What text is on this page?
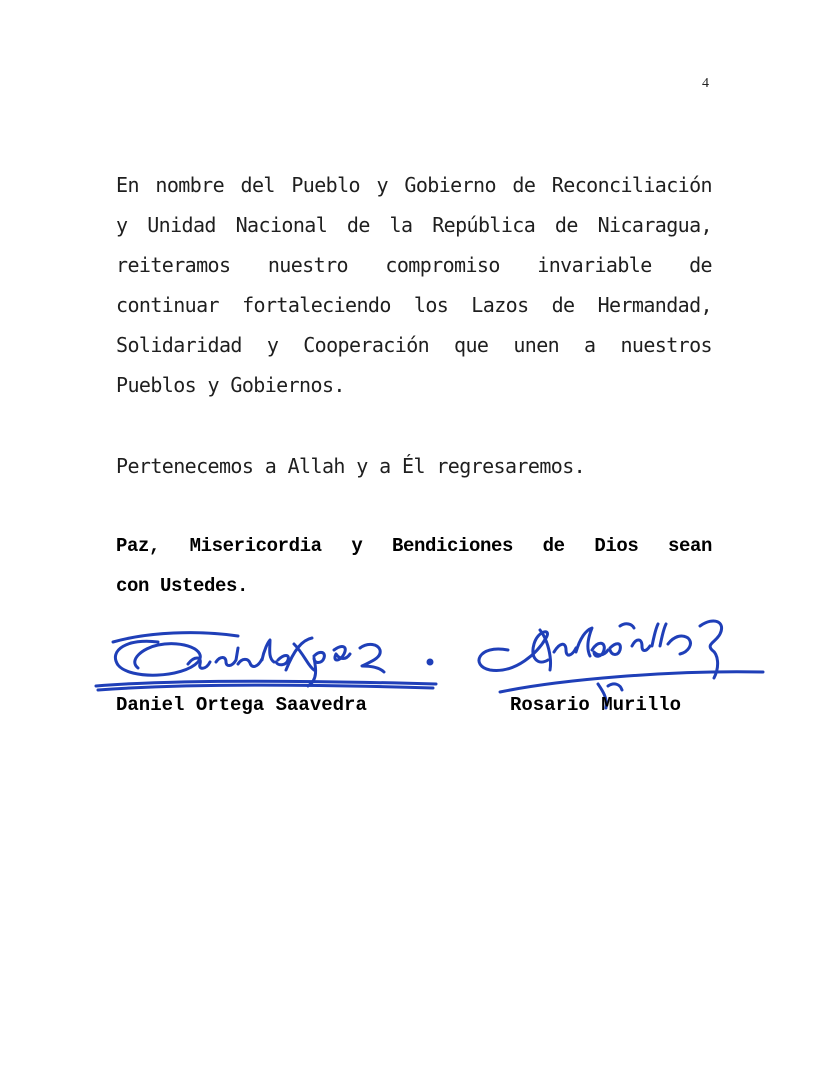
4
En nombre del Pueblo y Gobierno de Reconciliación
y Unidad Nacional de la República de Nicaragua,
reiteramos nuestro compromiso invariable de
continuar fortaleciendo los Lazos de Hermandad,
Solidaridad y Cooperación que unen a nuestros
Pueblos y Gobiernos.
Pertenecemos a Allah y a Él regresaremos.
Paz, Misericordia y Bendiciones de Dios sean
con Ustedes.
Daniel Ortega Saavedra	Rosario Murillo
